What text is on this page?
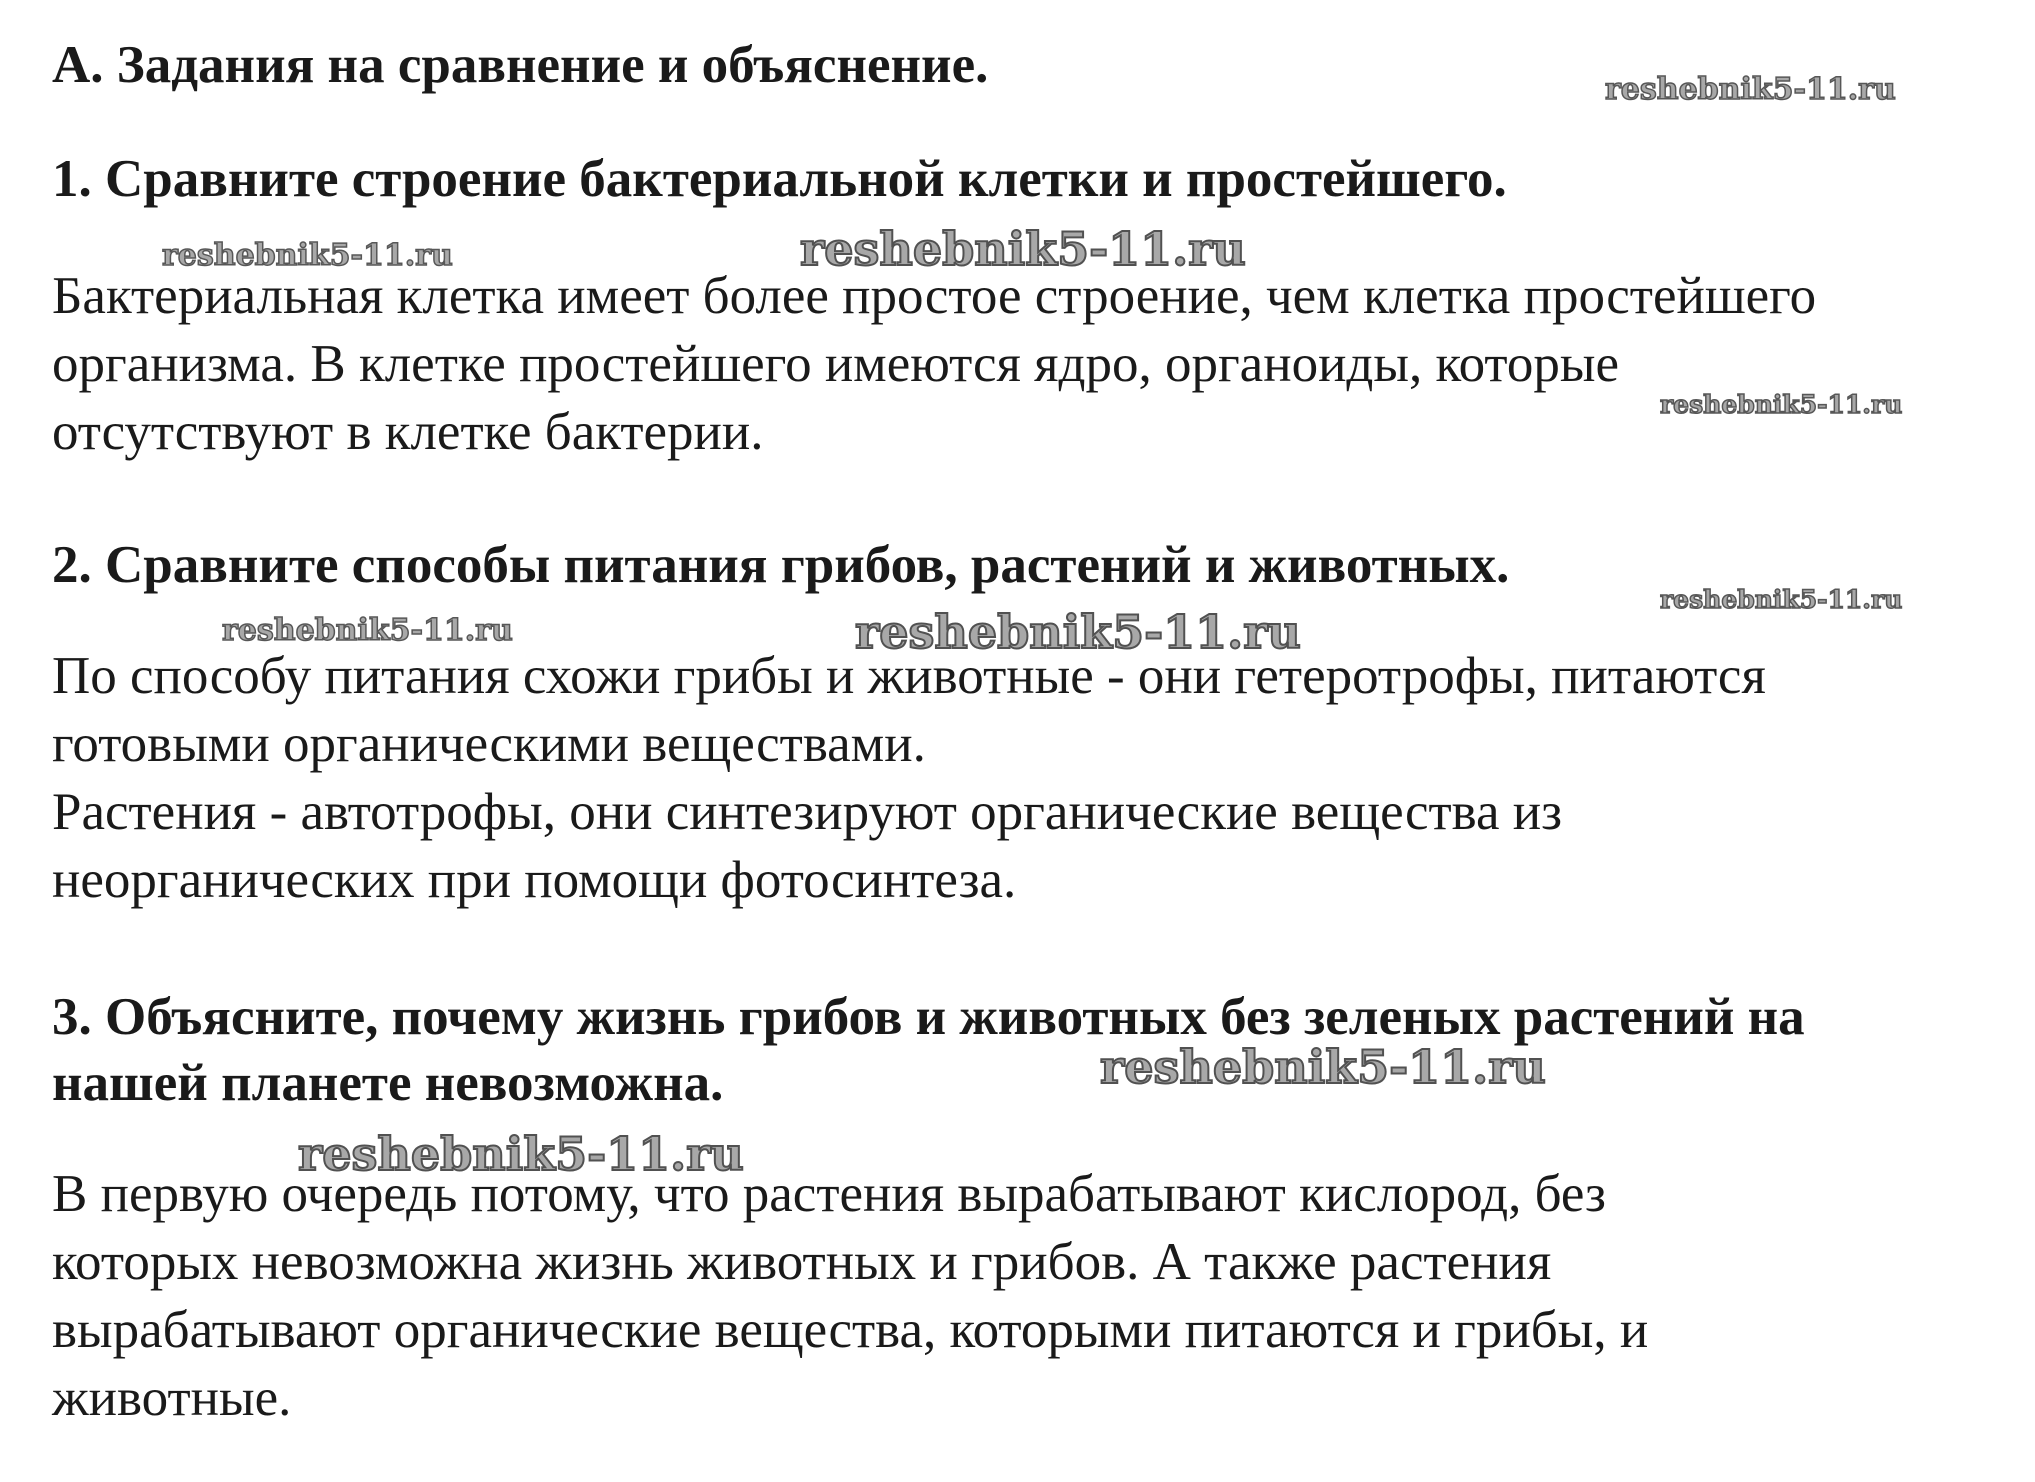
А. Задания на сравнение и объяснение.
1. Сравните строение бактериальной клетки и простейшего.

Бактериальная клетка имеет более простое строение, чем клетка простейшего
организма. В клетке простейшего имеются ядро, органоиды, которые
отсутствуют в клетке бактерии.

2. Сравните способы питания грибов, растений и животных.

По способу питания схожи грибы и животные - они гетеротрофы, питаются
готовыми органическими веществами.
Растения - автотрофы, они синтезируют органические вещества из
неорганических при помощи фотосинтеза.

3. Объясните, почему жизнь грибов и животных без зеленых растений на
нашей планете невозможна.

В первую очередь потому, что растения вырабатывают кислород, без
которых невозможна жизнь животных и грибов. А также растения
вырабатывают органические вещества, которыми питаются и грибы, и
животные.

reshebnik5-11.ru
reshebnik5-11.ru	reshebnik5-11.ru
reshebnik5-11.ru
reshebnik5-11.ru
reshebnik5-11.ru	reshebnik5-11.ru
reshebnik5-11.ru
reshebnik5-11.ru
